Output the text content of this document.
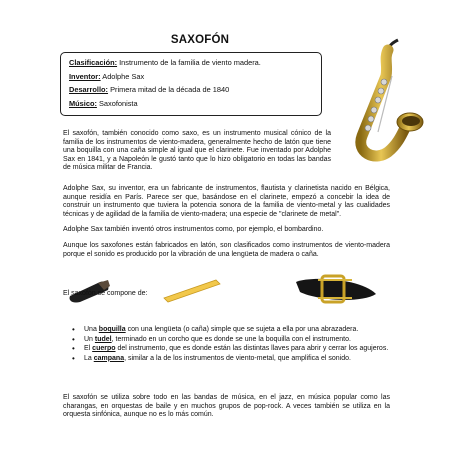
SAXOFÓN
Clasificación: Instrumento de la familia de viento madera.
Inventor: Adolphe Sax
Desarrollo: Primera mitad de la década de 1840
Músico: Saxofonista

El saxofón, también conocido como saxo, es un instrumento musical cónico de la familia de los instrumentos de viento-madera, generalmente hecho de latón que tiene una boquilla con una caña simple al igual que el clarinete. Fue inventado por Adolphe Sax en 1841, y a Napoleón le gustó tanto que lo hizo obligatorio en todas las bandas de música militar de Francia.

Adolphe Sax, su inventor, era un fabricante de instrumentos, flautista y clarinetista nacido en Bélgica, aunque residía en París. Parece ser que, basándose en el clarinete, empezó a concebir la idea de construir un instrumento que tuviera la potencia sonora de la familia de viento-metal y las cualidades técnicas y de agilidad de la familia de viento-madera; una especie de "clarinete de metal".

Adolphe Sax también inventó otros instrumentos como, por ejemplo, el bombardino.

Aunque los saxofones están fabricados en latón, son clasificados como instrumentos de viento-madera porque el sonido es producido por la vibración de una lengüeta de madera o caña.

El saxofón se compone de:

• Una boquilla con una lengüeta (o caña) simple que se sujeta a ella por una abrazadera.
• Un tudel, terminado en un corcho que es donde se une la boquilla con el instrumento.
• El cuerpo del instrumento, que es donde están las distintas llaves para abrir y cerrar los agujeros.
• La campana, similar a la de los instrumentos de viento-metal, que amplifica el sonido.

El saxofón se utiliza sobre todo en las bandas de música, en el jazz, en música popular como las charangas, en orquestas de baile y en muchos grupos de pop-rock. A veces también se utiliza en la orquesta sinfónica, aunque no es lo más común.
